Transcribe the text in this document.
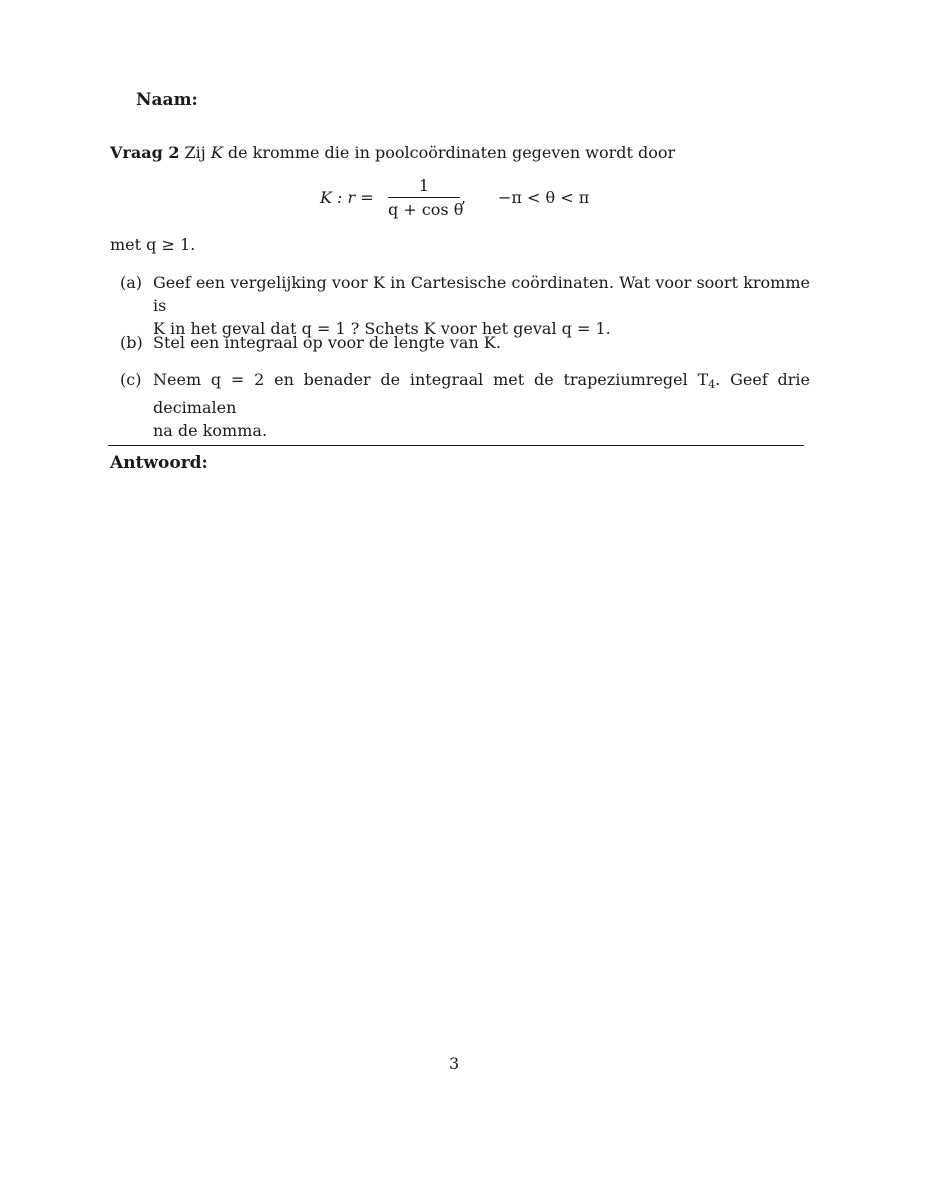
Naam:
Vraag 2 Zij K de kromme die in poolcoördinaten gegeven wordt door
K : r =
1
q + cos θ
, −π < θ < π
met q ≥ 1.
(a) Geef een vergelijking voor K in Cartesische coördinaten. Wat voor soort kromme is
K in het geval dat q = 1 ? Schets K voor het geval q = 1.
(b) Stel een integraal op voor de lengte van K.
(c) Neem q = 2 en benader de integraal met de trapeziumregel $T_4$. Geef drie decimalen
na de komma.
Antwoord:
3
